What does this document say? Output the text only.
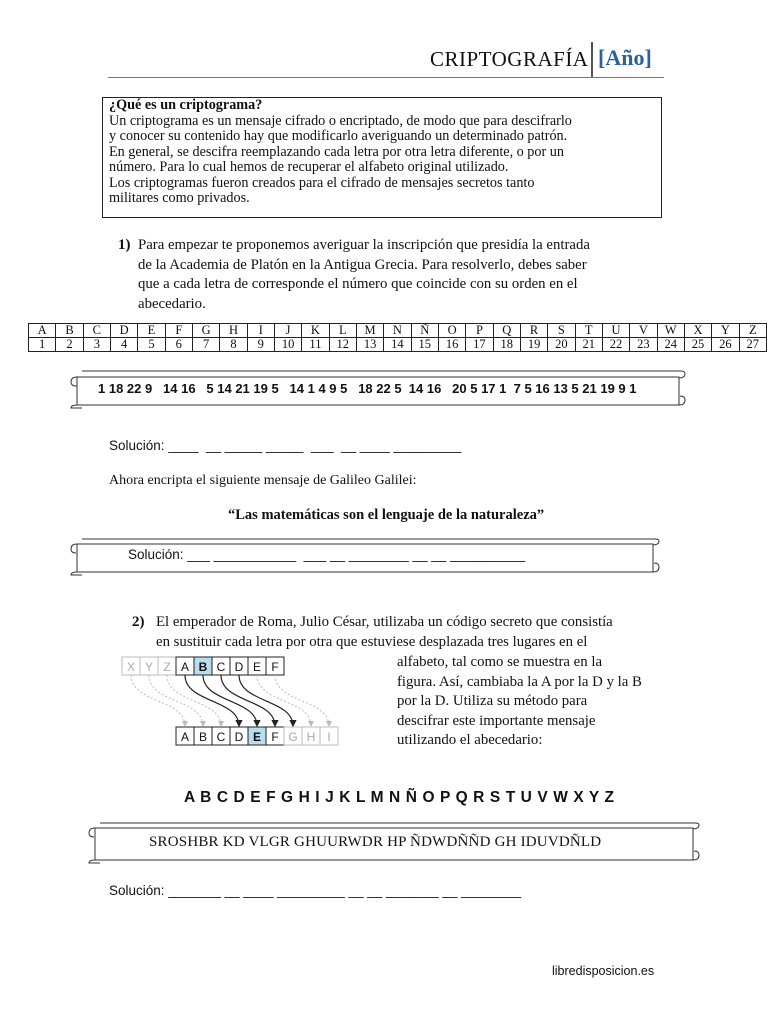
CRIPTOGRAFÍA [Año]

¿Qué es un criptograma?

Un criptograma es un mensaje cifrado o encriptado, de modo que para descifrarlo

y conocer su contenido hay que modificarlo averiguando un determinado patrón.

En general, se descifra reemplazando cada letra por otra letra diferente, o por un

número. Para lo cual hemos de recuperar el alfabeto original utilizado.

Los criptogramas fueron creados para el cifrado de mensajes secretos tanto

militares como privados.

1) Para empezar te proponemos averiguar la inscripción que presidía la entrada
de la Academia de Platón en la Antigua Grecia. Para resolverlo, debes saber
que a cada letra de corresponde el número que coincide con su orden en el
abecedario.
A	B	C	D	E	F	G	H	I	J	K	L	M	N	Ñ	O	P	Q	R	S	T	U	V	W	X	Y	Z
1	2	3	4	5	6	7	8	9	10	11	12	13	14	15	16	17	18	19	20	21	22	23	24	25	26	27
1 18 22 9   14 16   5 14 21 19 5   14 1 4 9 5   18 22 5  14 16   20 5 17 1  7 5 16 13 5 21 19 9 1
Solución: ____  __ _____ _____  ___  __ ____ _________
Ahora encripta el siguiente mensaje de Galileo Galilei:
“Las matemáticas son el lenguaje de la naturaleza”
Solución: ___ ___________  ___ __ ________ __ __ __________
2) El emperador de Roma, Julio César, utilizaba un código secreto que consistía
en sustituir cada letra por otra que estuviese desplazada tres lugares en el
alfabeto, tal como se muestra en la
figura. Así, cambiaba la A por la D y la B
por la D. Utiliza su método para
descifrar este importante mensaje
utilizando el abecedario:
X Y Z A B C D E F
A B C D E F G H I
A B C D E F G H I J K L M N Ñ O P Q R S T U V W X Y Z
SROSHBR KD VLGR GHUURWDR HP ÑDWDÑÑD GH IDUVDÑLD
Solución: _______ __ ____ _________ __ __ _______ __ ________
libredisposicion.es
